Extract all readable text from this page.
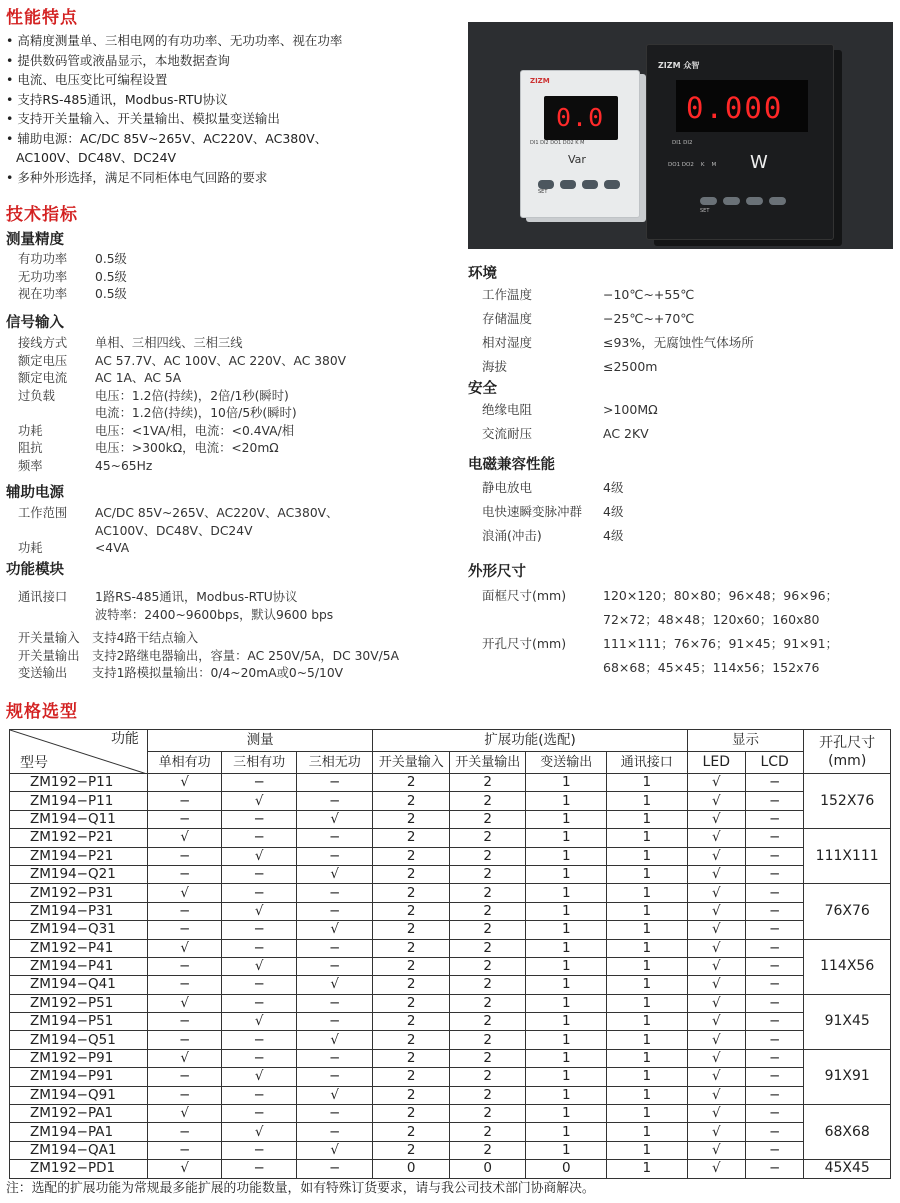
性能特点
• 高精度测量单、三相电网的有功功率、无功功率、视在功率
• 提供数码管或液晶显示，本地数据查询
• 电流、电压变比可编程设置
• 支持RS-485通讯，Modbus-RTU协议
• 支持开关量输入、开关量输出、模拟量变送输出
• 辅助电源：AC/DC 85V~265V、AC220V、AC380V、
AC100V、DC48V、DC24V
• 多种外形选择，满足不同柜体电气回路的要求
技术指标
测量精度
有功功率	0.5级
无功功率	0.5级
视在功率	0.5级
信号输入
接线方式	单相、三相四线、三相三线
额定电压	AC 57.7V、AC 100V、AC 220V、AC 380V
额定电流	AC 1A、AC 5A
过负载	电压：1.2倍(持续)，2倍/1秒(瞬时)
电流：1.2倍(持续)，10倍/5秒(瞬时)
功耗	电压：<1VA/相，电流：<0.4VA/相
阻抗	电压：>300kΩ，电流：<20mΩ
频率	45~65Hz
辅助电源
工作范围	AC/DC 85V~265V、AC220V、AC380V、
AC100V、DC48V、DC24V
功耗	<4VA
功能模块
通讯接口	1路RS-485通讯，Modbus-RTU协议
波特率：2400~9600bps，默认9600 bps
开关量输入	支持4路干结点输入
开关量输出	支持2路继电器输出，容量：AC 250V/5A，DC 30V/5A
变送输出	支持1路模拟量输出：0/4~20mA或0~5/10V
ZIZM
0.0
DI1 DI2 DO1 DO2 K M
Var
SET
ZIZM 众智
0.000
DI1 DI2
DO1 DO2    K    M W
SET
环境
工作温度	−10℃~+55℃
存储温度	−25℃~+70℃
相对湿度	≤93%，无腐蚀性气体场所
海拔	≤2500m
安全
绝缘电阻	>100MΩ
交流耐压	AC 2KV
电磁兼容性能
静电放电	4级
电快速瞬变脉冲群	4级
浪涌(冲击)	4级
外形尺寸
面框尺寸(mm)	120×120；80×80；96×48；96×96；
72×72；48×48；120x60；160x80
开孔尺寸(mm)	111×111；76×76；91×45；91×91；
68×68；45×45；114x56；152x76
规格选型
功能
型号	测量			扩展功能(选配)				显示		开孔尺寸
(mm)
	单相有功	三相有功	三相无功	开关量输入	开关量输出	变送输出	通讯接口	LED	LCD	
ZM192−P11	√	−	−	2	2	1	1	√	−	152X76
ZM194−P11	−	√	−	2	2	1	1	√	−	
ZM194−Q11	−	−	√	2	2	1	1	√	−	
ZM192−P21	√	−	−	2	2	1	1	√	−	111X111
ZM194−P21	−	√	−	2	2	1	1	√	−	
ZM194−Q21	−	−	√	2	2	1	1	√	−	
ZM192−P31	√	−	−	2	2	1	1	√	−	76X76
ZM194−P31	−	√	−	2	2	1	1	√	−	
ZM194−Q31	−	−	√	2	2	1	1	√	−	
ZM192−P41	√	−	−	2	2	1	1	√	−	114X56
ZM194−P41	−	√	−	2	2	1	1	√	−	
ZM194−Q41	−	−	√	2	2	1	1	√	−	
ZM192−P51	√	−	−	2	2	1	1	√	−	91X45
ZM194−P51	−	√	−	2	2	1	1	√	−	
ZM194−Q51	−	−	√	2	2	1	1	√	−	
ZM192−P91	√	−	−	2	2	1	1	√	−	91X91
ZM194−P91	−	√	−	2	2	1	1	√	−	
ZM194−Q91	−	−	√	2	2	1	1	√	−	
ZM192−PA1	√	−	−	2	2	1	1	√	−	68X68
ZM194−PA1	−	√	−	2	2	1	1	√	−	
ZM194−QA1	−	−	√	2	2	1	1	√	−	
ZM192−PD1	√	−	−	0	0	0	1	√	−	45X45
注：选配的扩展功能为常规最多能扩展的功能数量，如有特殊订货要求，请与我公司技术部门协商解决。
